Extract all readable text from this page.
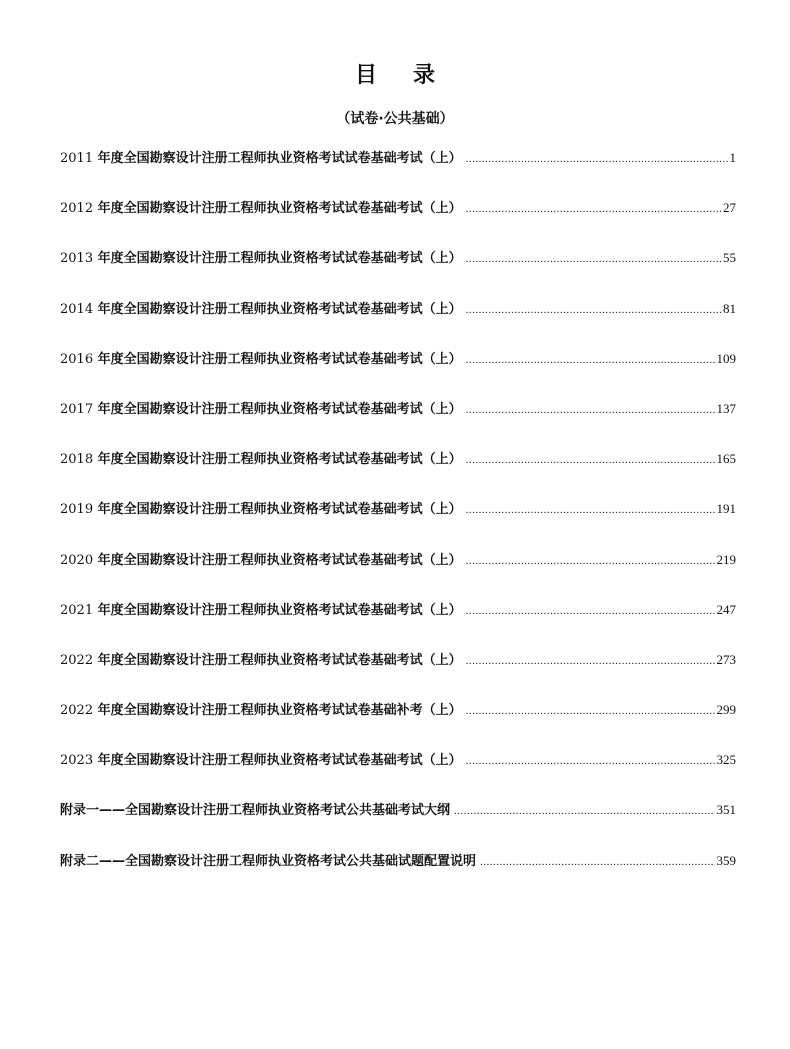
目录
（试卷·公共基础）
2011 年度全国勘察设计注册工程师执业资格考试试卷基础考试（上） .....	1
2012 年度全国勘察设计注册工程师执业资格考试试卷基础考试（上） .....	27
2013 年度全国勘察设计注册工程师执业资格考试试卷基础考试（上） .....	55
2014 年度全国勘察设计注册工程师执业资格考试试卷基础考试（上） .....	81
2016 年度全国勘察设计注册工程师执业资格考试试卷基础考试（上） .....	109
2017 年度全国勘察设计注册工程师执业资格考试试卷基础考试（上） .....	137
2018 年度全国勘察设计注册工程师执业资格考试试卷基础考试（上） .....	165
2019 年度全国勘察设计注册工程师执业资格考试试卷基础考试（上） .....	191
2020 年度全国勘察设计注册工程师执业资格考试试卷基础考试（上） .....	219
2021 年度全国勘察设计注册工程师执业资格考试试卷基础考试（上） .....	247
2022 年度全国勘察设计注册工程师执业资格考试试卷基础考试（上） .....	273
2022 年度全国勘察设计注册工程师执业资格考试试卷基础补考（上） .....	299
2023 年度全国勘察设计注册工程师执业资格考试试卷基础考试（上） .....	325
附录一——全国勘察设计注册工程师执业资格考试公共基础考试大纲 .....	351
附录二——全国勘察设计注册工程师执业资格考试公共基础试题配置说明 .....	359
